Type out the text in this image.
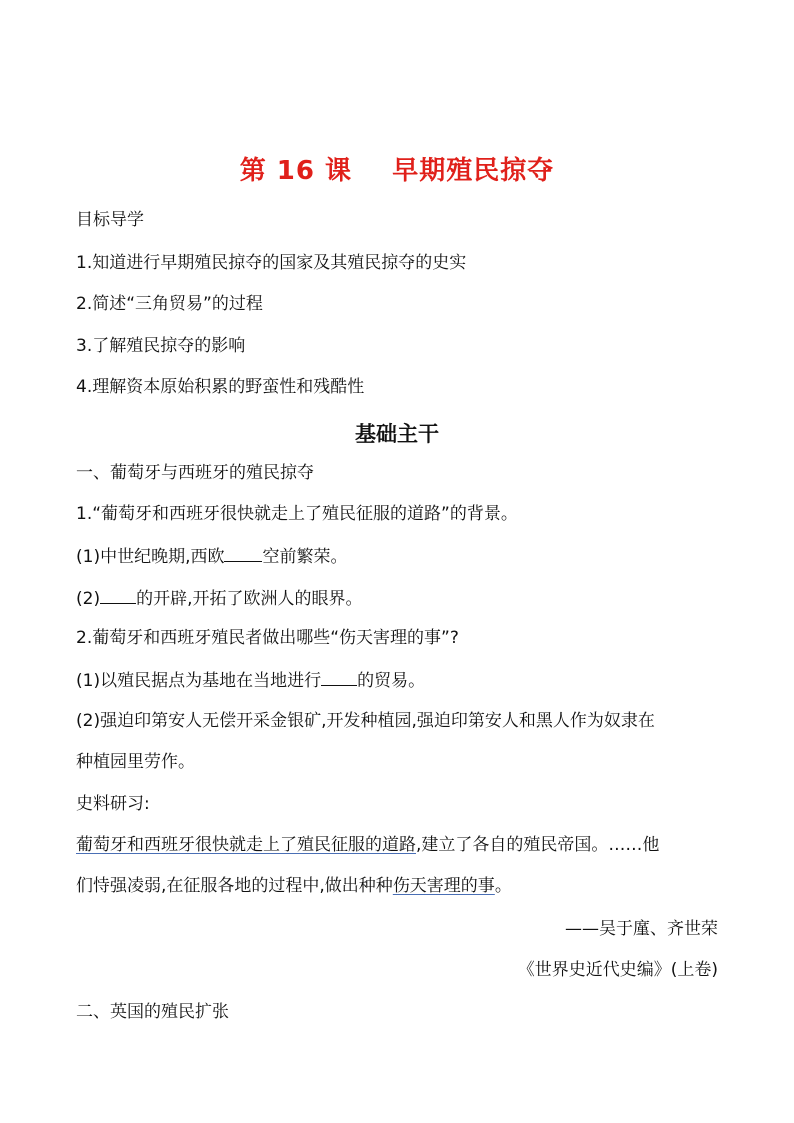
第 16 课    早期殖民掠夺
目标导学
1.知道进行早期殖民掠夺的国家及其殖民掠夺的史实
2.简述“三角贸易”的过程
3.了解殖民掠夺的影响
4.理解资本原始积累的野蛮性和残酷性
基础主干
一、葡萄牙与西班牙的殖民掠夺
1.“葡萄牙和西班牙很快就走上了殖民征服的道路”的背景。
(1)中世纪晚期,西欧 空前繁荣。
(2) 的开辟,开拓了欧洲人的眼界。
2.葡萄牙和西班牙殖民者做出哪些“伤天害理的事”?
(1)以殖民据点为基地在当地进行 的贸易。
(2)强迫印第安人无偿开采金银矿,开发种植园,强迫印第安人和黑人作为奴隶在
种植园里劳作。
史料研习:
葡萄牙和西班牙很快就走上了殖民征服的道路,建立了各自的殖民帝国。……他
们恃强凌弱,在征服各地的过程中,做出种种伤天害理的事。
——吴于廑、齐世荣
《世界史近代史编》(上卷)
二、英国的殖民扩张
